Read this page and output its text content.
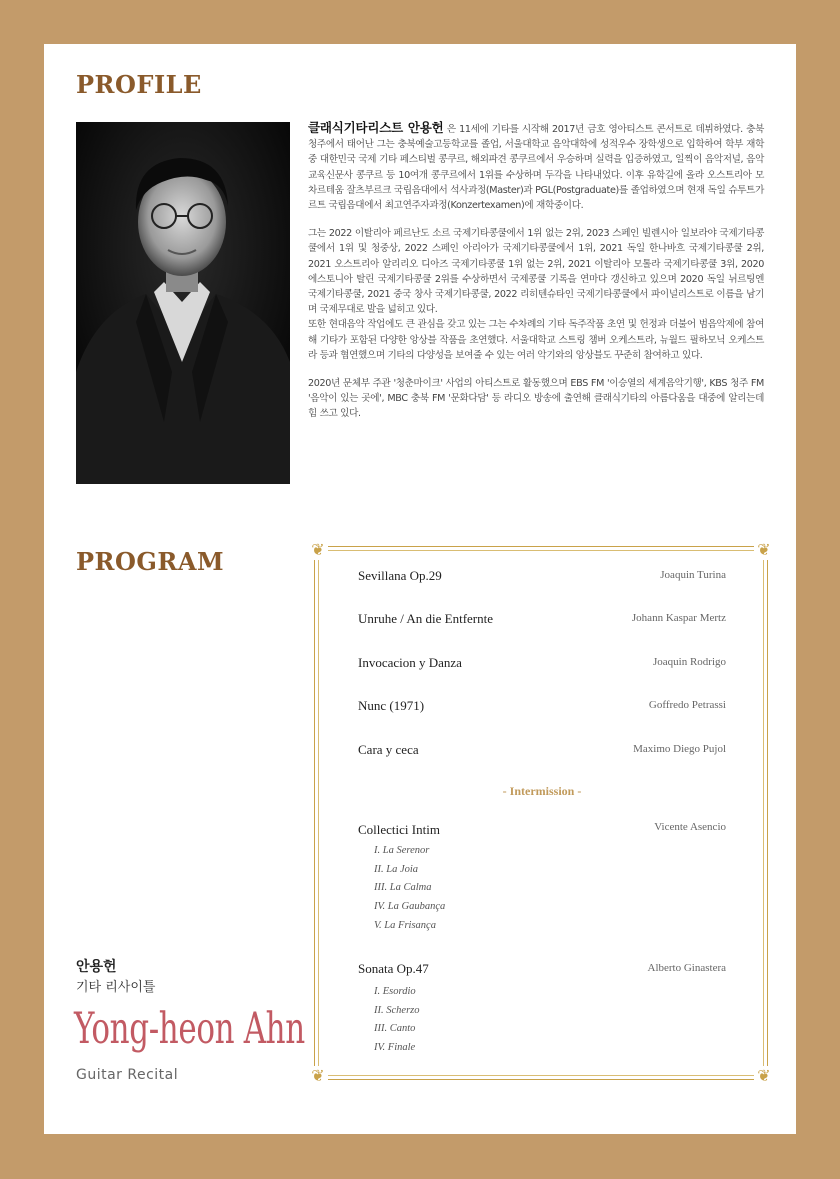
PROFILE

클래식기타리스트 안용헌 은 11세에 기타를 시작해 2017년 금호 영아티스트 콘서트로 데뷔하였다. 충북 청주에서 태어난 그는 충북예술고등학교를 졸업, 서울대학교 음악대학에 성적우수 장학생으로 입학하여 학부 재학중 대한민국 국제 기타 페스티벌 콩쿠르, 해외파견 콩쿠르에서 우승하며 실력을 입증하였고, 일찍이 음악저널, 음악교육신문사 콩쿠르 등 10여개 콩쿠르에서 1위를 수상하며 두각을 나타내었다. 이후 유학길에 올라 오스트리아 모차르테움 잘츠부르크 국립음대에서 석사과정(Master)과 PGL(Postgraduate)를 졸업하였으며 현재 독일 슈투트가르트 국립음대에서 최고연주자과정(Konzertexamen)에 재학중이다.

그는 2022 이탈리아 페르난도 소르 국제기타콩쿨에서 1위 없는 2위, 2023 스페인 빌렌시아 일보라야 국제기타콩쿨에서 1위 및 청중상, 2022 스페인 아리아가 국제기타콩쿨에서 1위, 2021 독일 한나바흐 국제기타콩쿨 2위, 2021 오스트리아 알리리오 디아즈 국제기타콩쿨 1위 없는 2위, 2021 이탈리아 모톨라 국제기타콩쿨 3위, 2020 에스토니아 탈린 국제기타콩쿨 2위를 수상하면서 국제콩쿨 기록을 연마다 갱신하고 있으며 2020 독일 뉘르팅엔 국제기타콩쿨, 2021 중국 창사 국제기타콩쿨, 2022 리히텐슈타인 국제기타콩쿨에서 파이널리스트로 이름을 남기며 국제무대로 발을 넓히고 있다.

또한 현대음악 작업에도 큰 관심을 갖고 있는 그는 수차례의 기타 독주작품 초연 및 헌정과 더불어 범음악제에 참여해 기타가 포함된 다양한 앙상블 작품을 초연했다. 서울대학교 스트링 챔버 오케스트라, 뉴월드 필하모닉 오케스트라 등과 협연했으며 기타의 다양성을 보여줄 수 있는 여러 악기와의 앙상블도 꾸준히 참여하고 있다.

2020년 문체부 주관 '청춘마이크' 사업의 아티스트로 활동했으며 EBS FM '이승열의 세계음악기행', KBS 청주 FM '음악이 있는 곳에', MBC 충북 FM '문화다담' 등 라디오 방송에 출연해 클래식기타의 아름다움을 대중에 알리는데 힘 쓰고 있다.

PROGRAM	❦	❦
❦	❦
Sevillana Op.29	Joaquin Turina
Unruhe / An die Entfernte	Johann Kaspar Mertz
Invocacion y Danza	Joaquin Rodrigo
Nunc (1971)	Goffredo Petrassi
Cara y ceca	Maximo Diego Pujol
- Intermission -
Collectici Intim	Vicente Asencio
I. La Serenor
II. La Joia
III. La Calma
IV. La Gaubança
V. La Frisança
Sonata Op.47	Alberto Ginastera
I. Esordio
II. Scherzo
III. Canto
IV. Finale
안용헌
기타 리사이틀
Yong-heon Ahn
Guitar Recital
